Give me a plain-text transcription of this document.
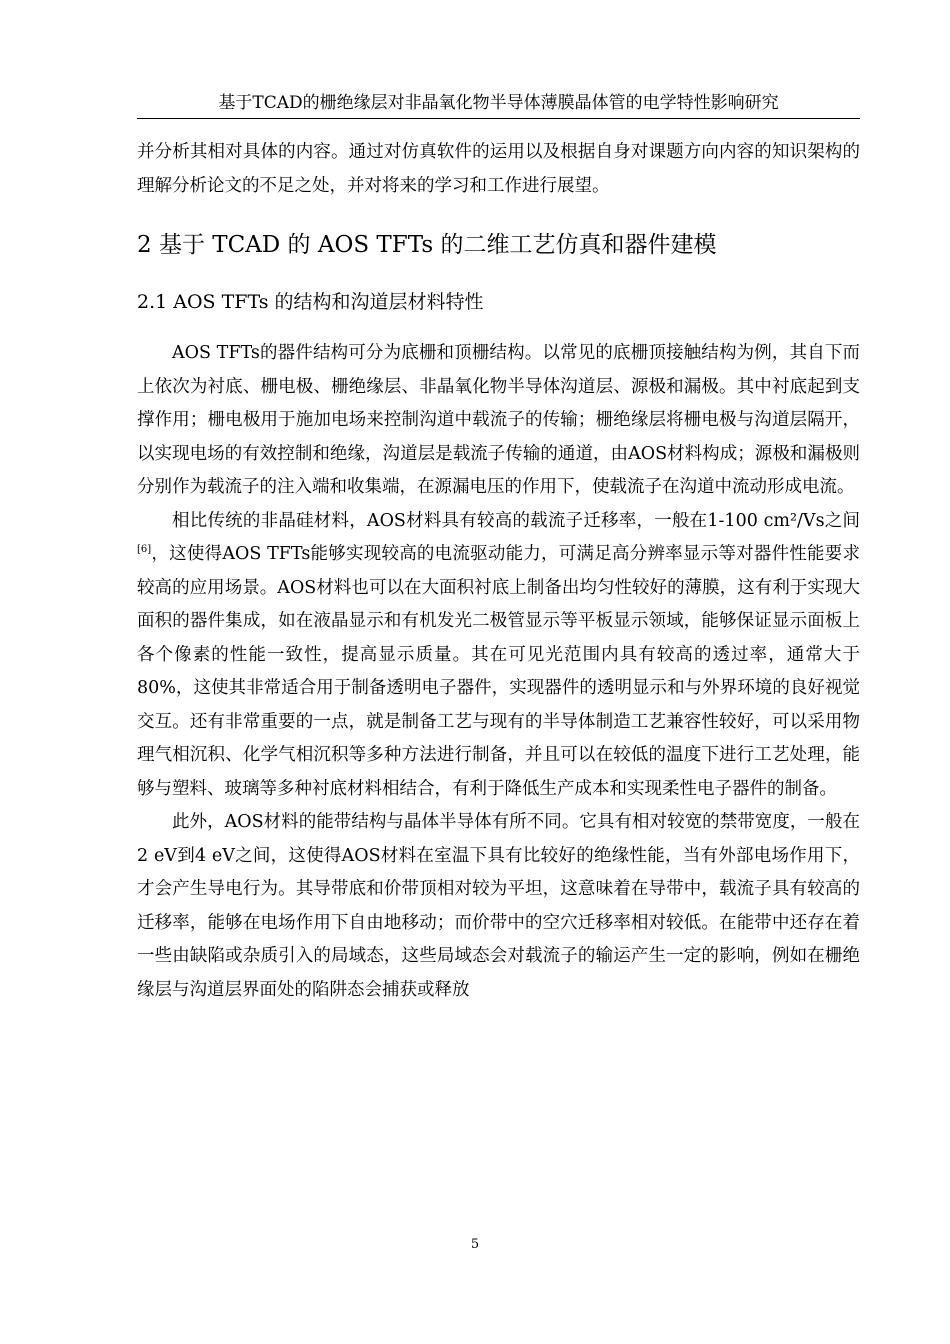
基于TCAD的栅绝缘层对非晶氧化物半导体薄膜晶体管的电学特性影响研究

并分析其相对具体的内容。通过对仿真软件的运用以及根据自身对课题方向内容的知识架构的理解分析论文的不足之处，并对将来的学习和工作进行展望。

2 基于 TCAD 的 AOS TFTs 的二维工艺仿真和器件建模
2.1 AOS TFTs 的结构和沟道层材料特性

AOS TFTs的器件结构可分为底栅和顶栅结构。以常见的底栅顶接触结构为例，其自下而上依次为衬底、栅电极、栅绝缘层、非晶氧化物半导体沟道层、源极和漏极。其中衬底起到支撑作用；栅电极用于施加电场来控制沟道中载流子的传输；栅绝缘层将栅电极与沟道层隔开，以实现电场的有效控制和绝缘，沟道层是载流子传输的通道，由AOS材料构成；源极和漏极则分别作为载流子的注入端和收集端，在源漏电压的作用下，使载流子在沟道中流动形成电流。

相比传统的非晶硅材料，AOS材料具有较高的载流子迁移率，一般在1-100 cm²/Vs之间[6]，这使得AOS TFTs能够实现较高的电流驱动能力，可满足高分辨率显示等对器件性能要求较高的应用场景。AOS材料也可以在大面积衬底上制备出均匀性较好的薄膜，这有利于实现大面积的器件集成，如在液晶显示和有机发光二极管显示等平板显示领域，能够保证显示面板上各个像素的性能一致性，提高显示质量。其在可见光范围内具有较高的透过率，通常大于80%，这使其非常适合用于制备透明电子器件，实现器件的透明显示和与外界环境的良好视觉交互。还有非常重要的一点，就是制备工艺与现有的半导体制造工艺兼容性较好，可以采用物理气相沉积、化学气相沉积等多种方法进行制备，并且可以在较低的温度下进行工艺处理，能够与塑料、玻璃等多种衬底材料相结合，有利于降低生产成本和实现柔性电子器件的制备。

此外，AOS材料的能带结构与晶体半导体有所不同。它具有相对较宽的禁带宽度，一般在2 eV到4 eV之间，这使得AOS材料在室温下具有比较好的绝缘性能，当有外部电场作用下，才会产生导电行为。其导带底和价带顶相对较为平坦，这意味着在导带中，载流子具有较高的迁移率，能够在电场作用下自由地移动；而价带中的空穴迁移率相对较低。在能带中还存在着一些由缺陷或杂质引入的局域态，这些局域态会对载流子的输运产生一定的影响，例如在栅绝缘层与沟道层界面处的陷阱态会捕获或释放

5
